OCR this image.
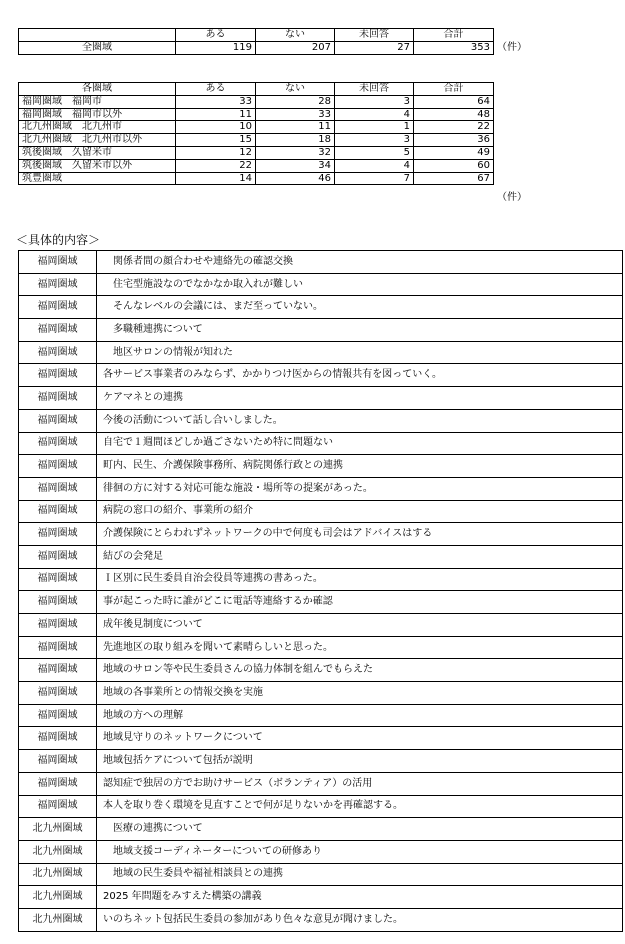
	ある	ない	未回答	合計
全圏域	119	207	27	353 （件）
各圏域	ある	ない	未回答	合計
福岡圏域　福岡市	33	28	3	64
福岡圏域　福岡市以外	11	33	4	48
北九州圏域　北九州市	10	11	1	22
北九州圏域　北九州市以外	15	18	3	36
筑後圏域　久留米市	12	32	5	49
筑後圏域　久留米市以外	22	34	4	60
筑豊圏域	14	46	7	67
（件）
＜具体的内容＞
福岡圏域	関係者間の顔合わせや連絡先の確認交換
福岡圏域	住宅型施設なのでなかなか取入れが難しい
福岡圏域	そんなレベルの会議には、まだ至っていない。
福岡圏域	多職種連携について
福岡圏域	地区サロンの情報が知れた
福岡圏域	各サービス事業者のみならず、かかりつけ医からの情報共有を図っていく。
福岡圏域	ケアマネとの連携
福岡圏域	今後の活動について話し合いしました。
福岡圏域	自宅で１週間ほどしか過ごさないため特に問題ない
福岡圏域	町内、民生、介護保険事務所、病院関係行政との連携
福岡圏域	徘徊の方に対する対応可能な施設・場所等の提案があった。
福岡圏域	病院の窓口の紹介、事業所の紹介
福岡圏域	介護保険にとらわれずネットワークの中で何度も司会はアドバイスはする
福岡圏域	結びの会発足
福岡圏域	Ｉ区別に民生委員自治会役員等連携の書あった。
福岡圏域	事が起こった時に誰がどこに電話等連絡するか確認
福岡圏域	成年後見制度について
福岡圏域	先進地区の取り組みを聞いて素晴らしいと思った。
福岡圏域	地域のサロン等や民生委員さんの協力体制を組んでもらえた
福岡圏域	地域の各事業所との情報交換を実施
福岡圏域	地域の方への理解
福岡圏域	地域見守りのネットワークについて
福岡圏域	地域包括ケアについて包括が説明
福岡圏域	認知症で独居の方でお助けサービス（ボランティア）の活用
福岡圏域	本人を取り巻く環境を見直すことで何が足りないかを再確認する。
北九州圏域	医療の連携について
北九州圏域	地域支援コーディネーターについての研修あり
北九州圏域	地域の民生委員や福祉相談員との連携
北九州圏域	2025 年問題をみすえた構築の講義
北九州圏域	いのちネット包括民生委員の参加があり色々な意見が聞けました。
